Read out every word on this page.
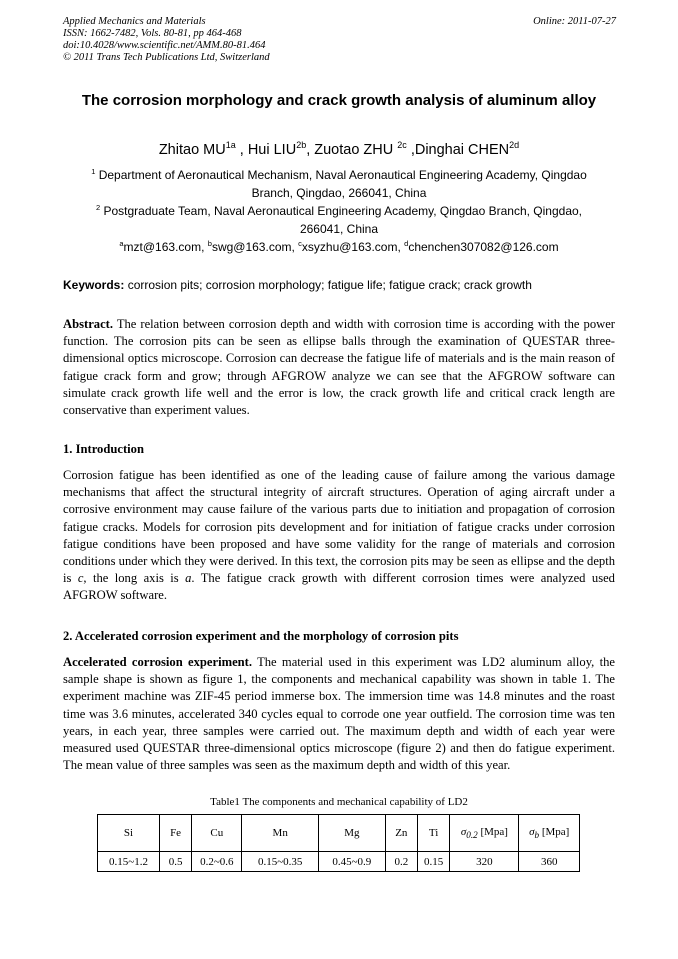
Applied Mechanics and Materials
ISSN: 1662-7482, Vols. 80-81, pp 464-468
doi:10.4028/www.scientific.net/AMM.80-81.464
© 2011 Trans Tech Publications Ltd, Switzerland
Online: 2011-07-27
The corrosion morphology and crack growth analysis of aluminum alloy
Zhitao $MU^{1a}$ , Hui $LIU^{2b}$, Zuotao ZHU $^{2c}$ ,Dinghai $CHEN^{2d}$
$^1$ Department of Aeronautical Mechanism, Naval Aeronautical Engineering Academy, Qingdao
Branch, Qingdao, 266041, China
$^2$ Postgraduate Team, Naval Aeronautical Engineering Academy, Qingdao Branch, Qingdao,
266041, China
$^a$mzt@163.com, $^b$swg@163.com, $^c$xsyzhu@163.com, $^d$chenchen307082@126.com
Keywords: corrosion pits; corrosion morphology; fatigue life; fatigue crack; crack growth
Abstract. The relation between corrosion depth and width with corrosion time is according with the power function. The corrosion pits can be seen as ellipse balls through the examination of QUESTAR three-dimensional optics microscope. Corrosion can decrease the fatigue life of materials and is the main reason of fatigue crack form and grow; through AFGROW analyze we can see that the AFGROW software can simulate crack growth life well and the error is low, the crack growth life and critical crack length are conservative than experiment values.
1. Introduction
Corrosion fatigue has been identified as one of the leading cause of failure among the various damage mechanisms that affect the structural integrity of aircraft structures. Operation of aging aircraft under a corrosive environment may cause failure of the various parts due to initiation and propagation of corrosion fatigue cracks. Models for corrosion pits development and for initiation of fatigue cracks under corrosion fatigue conditions have been proposed and have some validity for the range of materials and corrosion conditions under which they were derived. In this text, the corrosion pits may be seen as ellipse and the depth is c, the long axis is a. The fatigue crack growth with different corrosion times were analyzed used AFGROW software.
2. Accelerated corrosion experiment and the morphology of corrosion pits
Accelerated corrosion experiment. The material used in this experiment was LD2 aluminum alloy, the sample shape is shown as figure 1, the components and mechanical capability was shown in table 1. The experiment machine was ZIF-45 period immerse box. The immersion time was 14.8 minutes and the roast time was 3.6 minutes, accelerated 340 cycles equal to corrode one year outfield. The corrosion time was ten years, in each year, three samples were carried out. The maximum depth and width of each year were measured used QUESTAR three-dimensional optics microscope (figure 2) and then do fatigue experiment. The mean value of three samples was seen as the maximum depth and width of this year.
Table1 The components and mechanical capability of LD2
Si	Fe	Cu	Mn	Mg	Zn	Ti	$\sigma_{0.2}$ [Mpa]	$\sigma_b$ [Mpa]
0.15~1.2	0.5	0.2~0.6	0.15~0.35	0.45~0.9	0.2	0.15	320	360
